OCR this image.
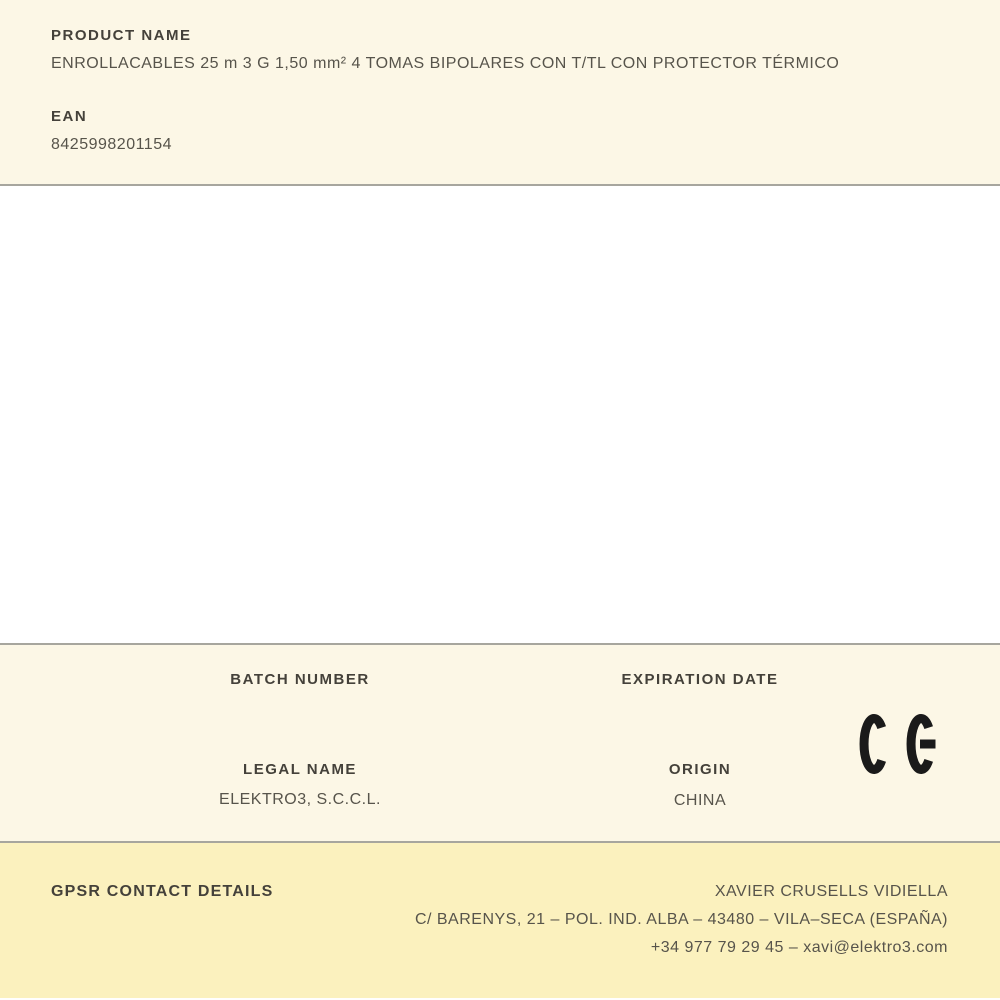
PRODUCT NAME
ENROLLACABLES 25 m 3 G 1,50 mm² 4 TOMAS BIPOLARES CON T/TL CON PROTECTOR TÉRMICO
EAN
8425998201154
BATCH NUMBER	EXPIRATION DATE
LEGAL NAME
ELEKTRO3, S.C.C.L.
ORIGIN
CHINA
GPSR CONTACT DETAILS	XAVIER CRUSELLS VIDIELLA
C/ BARENYS, 21 – POL. IND. ALBA – 43480 – VILA–SECA (ESPAÑA)
+34 977 79 29 45 – xavi@elektro3.com
